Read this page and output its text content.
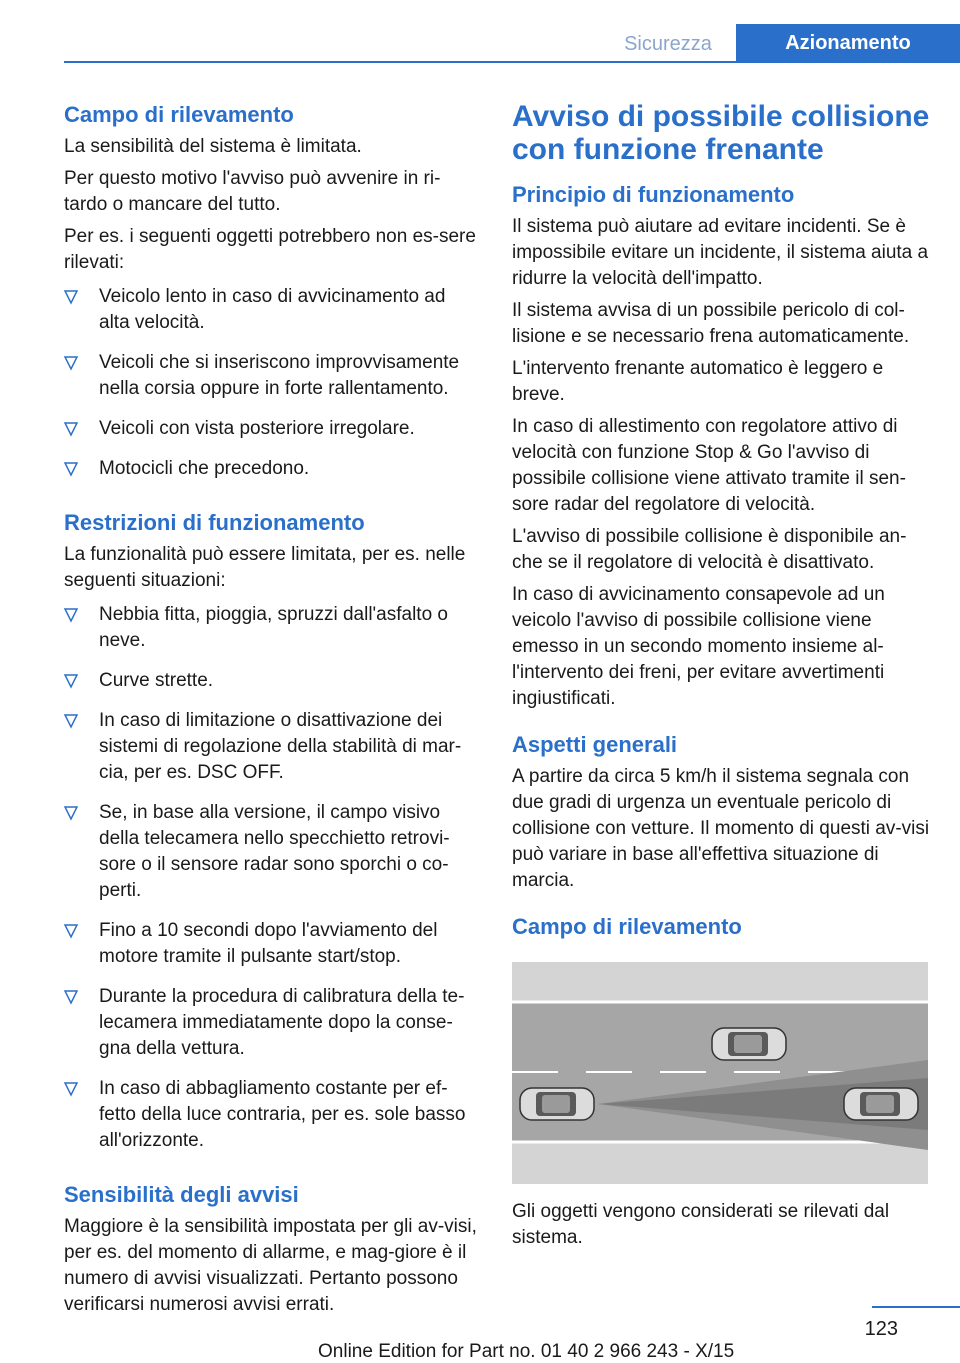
Sicurezza	Azionamento
Campo di rilevamento
La sensibilità del sistema è limitata.
Per questo motivo l'avviso può avvenire in ri‐tardo o mancare del tutto.
Per es. i seguenti oggetti potrebbero non es‐sere rilevati:
Veicolo lento in caso di avvicinamento ad alta velocità.
Veicoli che si inseriscono improvvisamente nella corsia oppure in forte rallentamento.
Veicoli con vista posteriore irregolare.
Motocicli che precedono.
Restrizioni di funzionamento
La funzionalità può essere limitata, per es. nelle seguenti situazioni:
Nebbia fitta, pioggia, spruzzi dall'asfalto o neve.
Curve strette.
In caso di limitazione o disattivazione dei sistemi di regolazione della stabilità di mar‐cia, per es. DSC OFF.
Se, in base alla versione, il campo visivo della telecamera nello specchietto retrovi‐sore o il sensore radar sono sporchi o co‐perti.
Fino a 10 secondi dopo l'avviamento del motore tramite il pulsante start/stop.
Durante la procedura di calibratura della te‐lecamera immediatamente dopo la conse‐gna della vettura.
In caso di abbagliamento costante per ef‐fetto della luce contraria, per es. sole basso all'orizzonte.
Sensibilità degli avvisi
Maggiore è la sensibilità impostata per gli av‐visi, per es. del momento di allarme, e mag‐giore è il numero di avvisi visualizzati. Pertanto possono verificarsi numerosi avvisi errati.
Avviso di possibile collisione con funzione frenante
Principio di funzionamento
Il sistema può aiutare ad evitare incidenti. Se è impossibile evitare un incidente, il sistema aiuta a ridurre la velocità dell'impatto.
Il sistema avvisa di un possibile pericolo di col‐lisione e se necessario frena automaticamente.
L'intervento frenante automatico è leggero e breve.
In caso di allestimento con regolatore attivo di velocità con funzione Stop & Go l'avviso di possibile collisione viene attivato tramite il sen‐sore radar del regolatore di velocità.
L'avviso di possibile collisione è disponibile an‐che se il regolatore di velocità è disattivato.
In caso di avvicinamento consapevole ad un veicolo l'avviso di possibile collisione viene emesso in un secondo momento insieme al‐l'intervento dei freni, per evitare avvertimenti ingiustificati.
Aspetti generali
A partire da circa 5 km/h il sistema segnala con due gradi di urgenza un eventuale pericolo di collisione con vetture. Il momento di questi av‐visi può variare in base all'effettiva situazione di marcia.
Campo di rilevamento
Gli oggetti vengono considerati se rilevati dal sistema.
123
Online Edition for Part no. 01 40 2 966 243 - X/15
